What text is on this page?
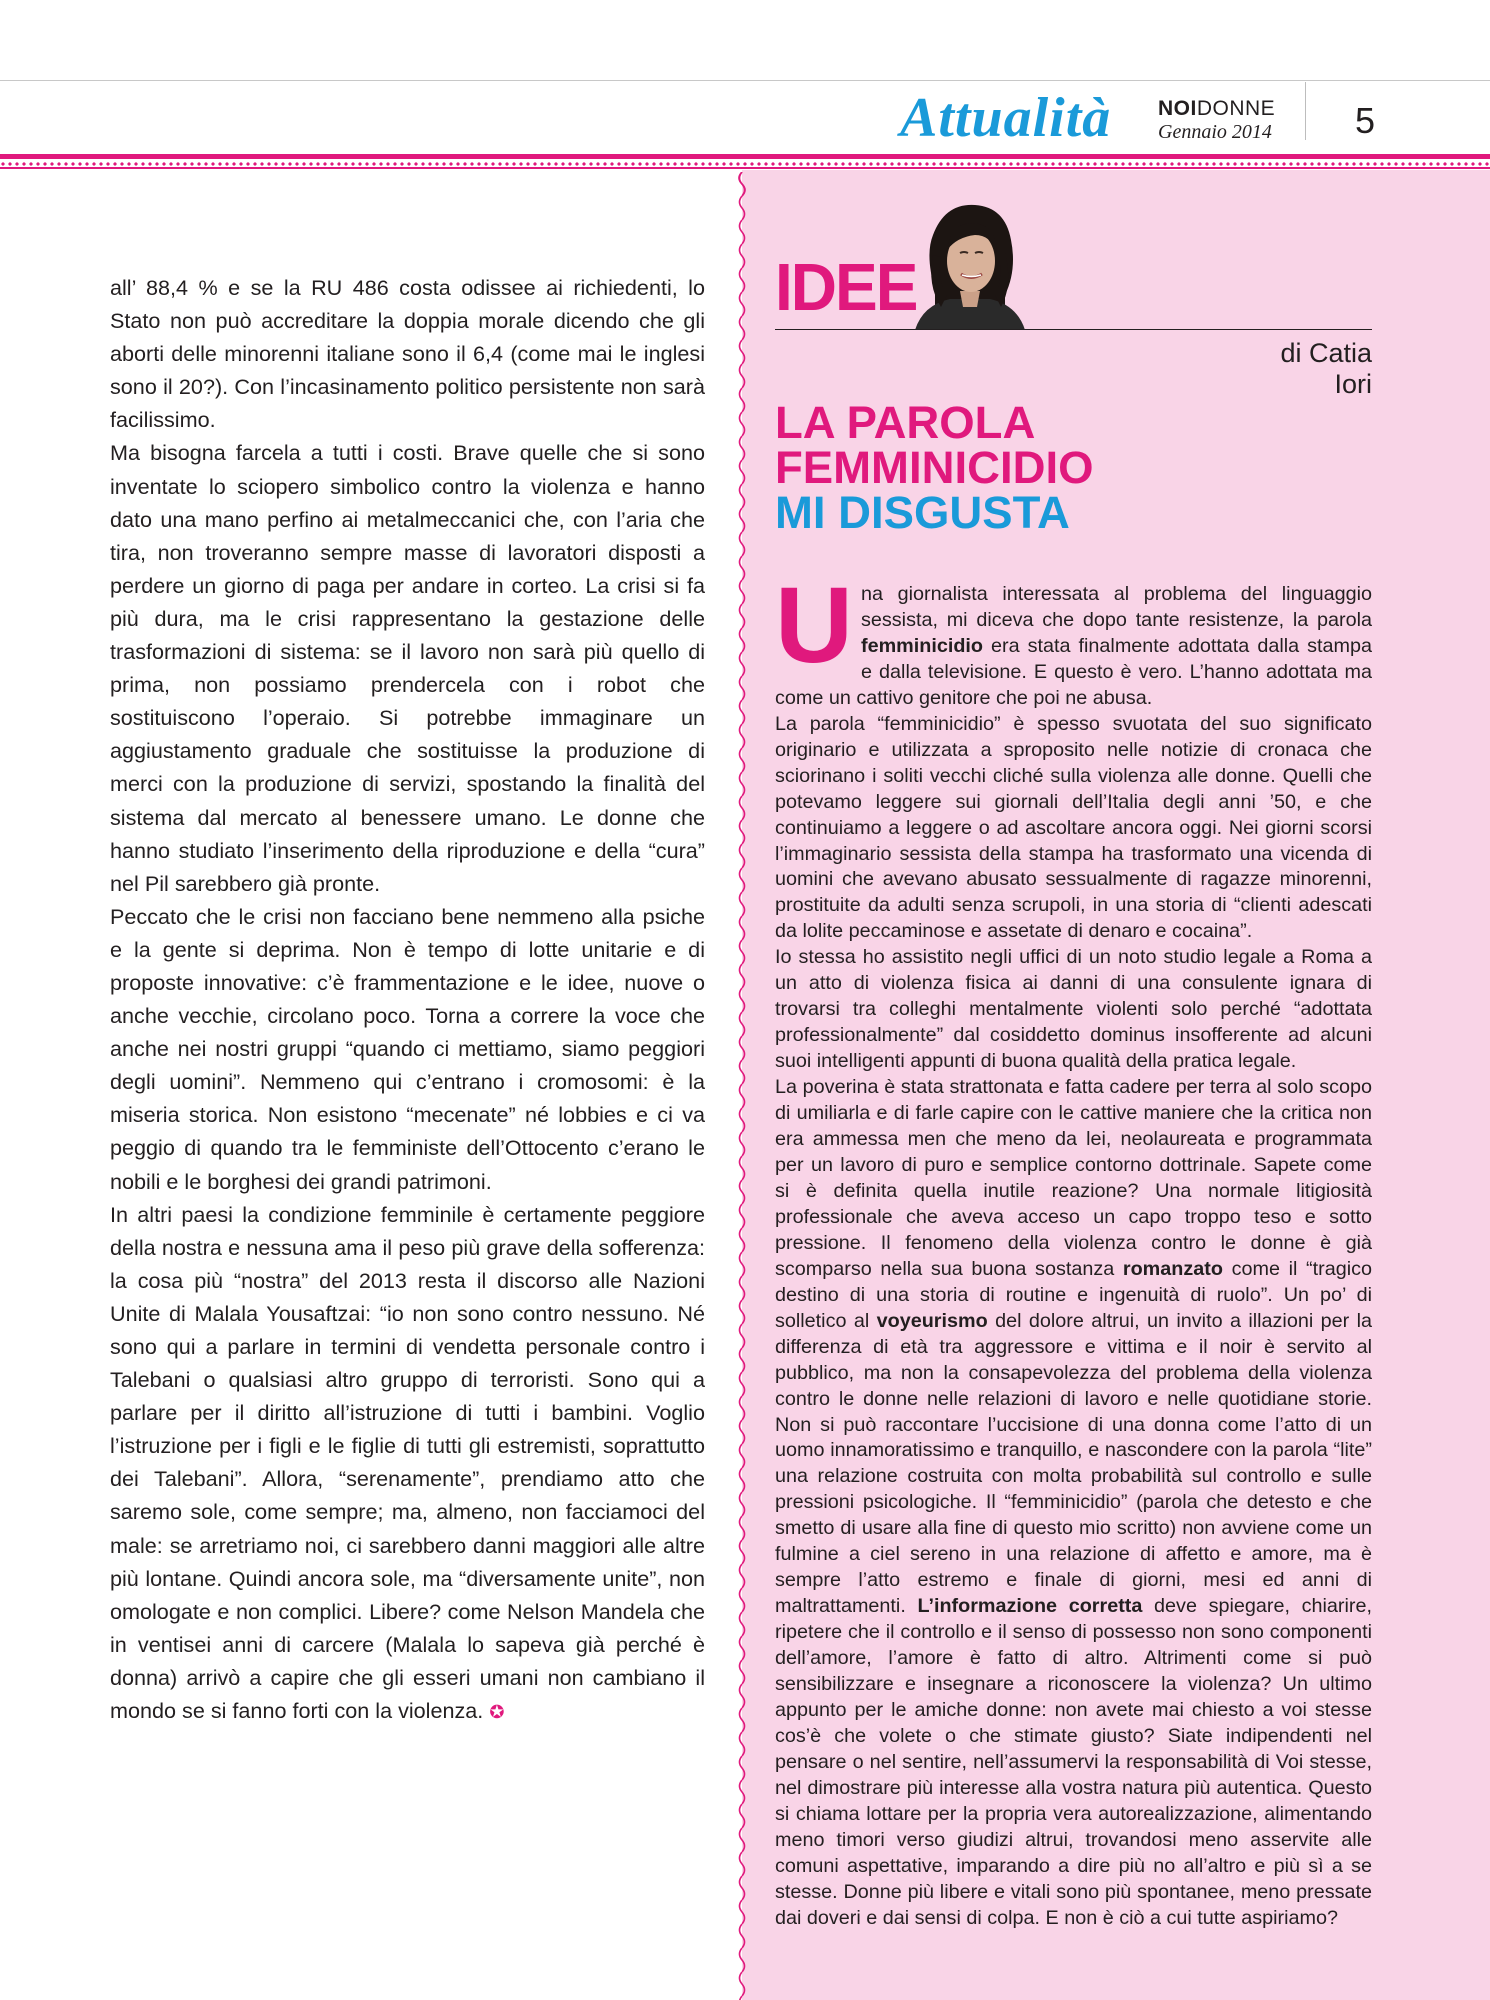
Attualità NOIDONNE
Gennaio 2014 5

all’ 88,4 % e se la RU 486 costa odissee ai richiedenti, lo Stato non può accreditare la doppia morale dicendo che gli aborti delle minorenni italiane sono il 6,4 (come mai le inglesi sono il 20?). Con l’incasinamento politico persistente non sarà facilissimo.

Ma bisogna farcela a tutti i costi. Brave quelle che si sono inventate lo sciopero simbolico contro la violenza e hanno dato una mano perfino ai metalmeccanici che, con l’aria che tira, non troveranno sempre masse di lavoratori disposti a perdere un giorno di paga per andare in corteo. La crisi si fa più dura, ma le crisi rappresentano la gestazione delle trasformazioni di sistema: se il lavoro non sarà più quello di prima, non possiamo prendercela con i robot che sostituiscono l’operaio. Si potrebbe immaginare un aggiustamento graduale che sostituisse la produzione di merci con la produzione di servizi, spostando la finalità del sistema dal mercato al benessere umano. Le donne che hanno studiato l’inserimento della riproduzione e della “cura” nel Pil sarebbero già pronte.

Peccato che le crisi non facciano bene nemmeno alla psiche e la gente si deprima. Non è tempo di lotte unitarie e di proposte innovative: c’è frammentazione e le idee, nuove o anche vecchie, circolano poco. Torna a correre la voce che anche nei nostri gruppi “quando ci mettiamo, siamo peggiori degli uomini”. Nemmeno qui c’entrano i cromosomi: è la miseria storica. Non esistono “mecenate” né lobbies e ci va peggio di quando tra le femministe dell’Ottocento c’erano le nobili e le borghesi dei grandi patrimoni.

In altri paesi la condizione femminile è certamente peggiore della nostra e nessuna ama il peso più grave della sofferenza: la cosa più “nostra” del 2013 resta il discorso alle Nazioni Unite di Malala Yousaftzai: “io non sono contro nessuno. Né sono qui a parlare in termini di vendetta personale contro i Talebani o qualsiasi altro gruppo di terroristi. Sono qui a parlare per il diritto all’istruzione di tutti i bambini. Voglio l’istruzione per i figli e le figlie di tutti gli estremisti, soprattutto dei Talebani”. Allora, “serenamente”, prendiamo atto che saremo sole, come sempre; ma, almeno, non facciamoci del male: se arretriamo noi, ci sarebbero danni maggiori alle altre più lontane. Quindi ancora sole, ma “diversamente unite”, non omologate e non complici. Libere? come Nelson Mandela che in ventisei anni di carcere (Malala lo sapeva già perché è donna) arrivò a capire che gli esseri umani non cambiano il mondo se si fanno forti con la violenza. ✪

IDEE
di Catia Iori
LA PAROLA
FEMMINICIDIO
MI DISGUSTA

Una giornalista interessata al problema del linguaggio sessista, mi diceva che dopo tante resistenze, la parola femminicidio era stata finalmente adottata dalla stampa e dalla televisione. E questo è vero. L’hanno adottata ma come un cattivo genitore che poi ne abusa.

La parola “femminicidio” è spesso svuotata del suo significato originario e utilizzata a sproposito nelle notizie di cronaca che sciorinano i soliti vecchi cliché sulla violenza alle donne. Quelli che potevamo leggere sui giornali dell’Italia degli anni ’50, e che continuiamo a leggere o ad ascoltare ancora oggi. Nei giorni scorsi l’immaginario sessista della stampa ha trasformato una vicenda di uomini che avevano abusato sessualmente di ragazze minorenni, prostituite da adulti senza scrupoli, in una storia di “clienti adescati da lolite peccaminose e assetate di denaro e cocaina”.

Io stessa ho assistito negli uffici di un noto studio legale a Roma a un atto di violenza fisica ai danni di una consulente ignara di trovarsi tra colleghi mentalmente violenti solo perché “adottata professionalmente” dal cosiddetto dominus insofferente ad alcuni suoi intelligenti appunti di buona qualità della pratica legale.

La poverina è stata strattonata e fatta cadere per terra al solo scopo di umiliarla e di farle capire con le cattive maniere che la critica non era ammessa men che meno da lei, neolaureata e programmata per un lavoro di puro e semplice contorno dottrinale. Sapete come si è definita quella inutile reazione? Una normale litigiosità professionale che aveva acceso un capo troppo teso e sotto pressione. Il fenomeno della violenza contro le donne è già scomparso nella sua buona sostanza romanzato come il “tragico destino di una storia di routine e ingenuità di ruolo”. Un po’ di solletico al voyeurismo del dolore altrui, un invito a illazioni per la differenza di età tra aggressore e vittima e il noir è servito al pubblico, ma non la consapevolezza del problema della violenza contro le donne nelle relazioni di lavoro e nelle quotidiane storie. Non si può raccontare l’uccisione di una donna come l’atto di un uomo innamoratissimo e tranquillo, e nascondere con la parola “lite” una relazione costruita con molta probabilità sul controllo e sulle pressioni psicologiche. Il “femminicidio” (parola che detesto e che smetto di usare alla fine di questo mio scritto) non avviene come un fulmine a ciel sereno in una relazione di affetto e amore, ma è sempre l’atto estremo e finale di giorni, mesi ed anni di maltrattamenti. L’informazione corretta deve spiegare, chiarire, ripetere che il controllo e il senso di possesso non sono componenti dell’amore, l’amore è fatto di altro. Altrimenti come si può sensibilizzare e insegnare a riconoscere la violenza? Un ultimo appunto per le amiche donne: non avete mai chiesto a voi stesse cos’è che volete o che stimate giusto? Siate indipendenti nel pensare o nel sentire, nell’assumervi la responsabilità di Voi stesse, nel dimostrare più interesse alla vostra natura più autentica. Questo si chiama lottare per la propria vera autorealizzazione, alimentando meno timori verso giudizi altrui, trovandosi meno asservite alle comuni aspettative, imparando a dire più no all’altro e più sì a se stesse. Donne più libere e vitali sono più spontanee, meno pressate dai doveri e dai sensi di colpa. E non è ciò a cui tutte aspiriamo?
